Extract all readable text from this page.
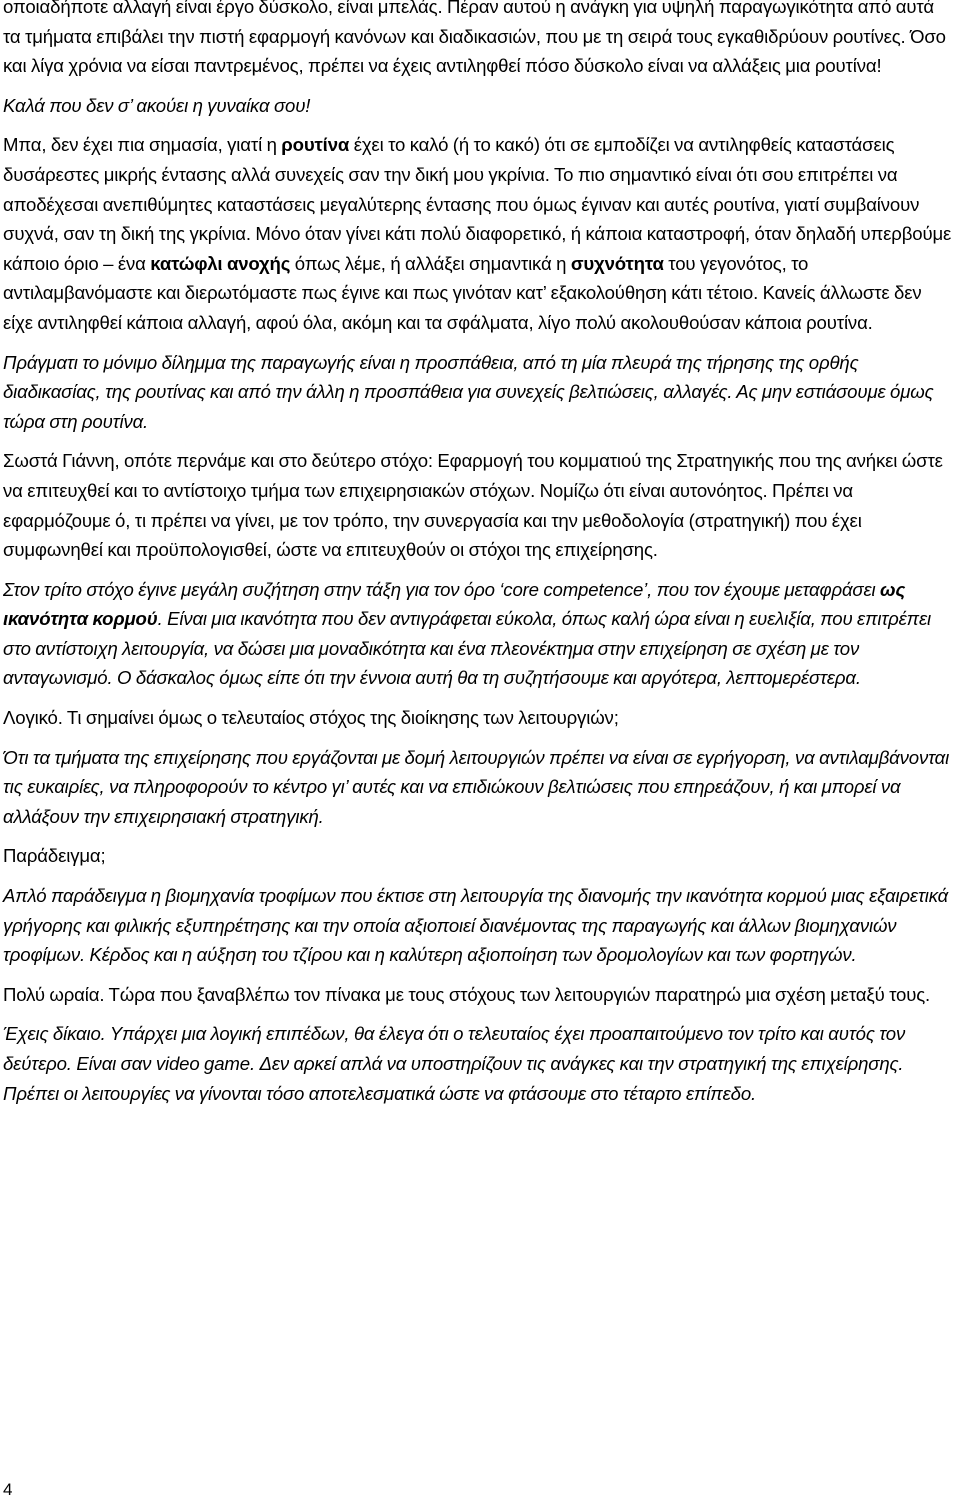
οποιαδήποτε αλλαγή είναι έργο δύσκολο, είναι μπελάς. Πέραν αυτού η ανάγκη για υψηλή παραγωγικότητα από αυτά τα τμήματα επιβάλει την πιστή εφαρμογή κανόνων και διαδικασιών, που με τη σειρά τους εγκαθιδρύουν ρουτίνες. Όσο και λίγα χρόνια να είσαι παντρεμένος, πρέπει να έχεις αντιληφθεί πόσο δύσκολο είναι να αλλάξεις μια ρουτίνα!

Καλά που δεν σ’ ακούει η γυναίκα σου!

Μπα, δεν έχει πια σημασία, γιατί η ρουτίνα έχει το καλό (ή το κακό) ότι σε εμποδίζει να αντιληφθείς καταστάσεις δυσάρεστες μικρής έντασης αλλά συνεχείς σαν την δική μου γκρίνια. Το πιο σημαντικό είναι ότι σου επιτρέπει να αποδέχεσαι ανεπιθύμητες καταστάσεις μεγαλύτερης έντασης που όμως έγιναν και αυτές ρουτίνα, γιατί συμβαίνουν συχνά, σαν τη δική της γκρίνια. Μόνο όταν γίνει κάτι πολύ διαφορετικό, ή κάποια καταστροφή, όταν δηλαδή υπερβούμε κάποιο όριο – ένα κατώφλι ανοχής όπως λέμε, ή αλλάξει σημαντικά η συχνότητα του γεγονότος, το αντιλαμβανόμαστε και διερωτόμαστε πως έγινε και πως γινόταν κατ’ εξακολούθηση κάτι τέτοιο. Κανείς άλλωστε δεν είχε αντιληφθεί κάποια αλλαγή, αφού όλα, ακόμη και τα σφάλματα, λίγο πολύ ακολουθούσαν κάποια ρουτίνα.

Πράγματι το μόνιμο δίλημμα της παραγωγής είναι η προσπάθεια, από τη μία πλευρά της τήρησης της ορθής διαδικασίας, της ρουτίνας και από την άλλη η προσπάθεια για συνεχείς βελτιώσεις, αλλαγές. Ας μην εστιάσουμε όμως τώρα στη ρουτίνα.

Σωστά Γιάννη, οπότε περνάμε και στο δεύτερο στόχο: Εφαρμογή του κομματιού της Στρατηγικής που της ανήκει ώστε να επιτευχθεί και το αντίστοιχο τμήμα των επιχειρησιακών στόχων. Νομίζω ότι είναι αυτονόητος. Πρέπει να εφαρμόζουμε ό, τι πρέπει να γίνει, με τον τρόπο, την συνεργασία και την μεθοδολογία (στρατηγική) που έχει συμφωνηθεί και προϋπολογισθεί, ώστε να επιτευχθούν οι στόχοι της επιχείρησης.

Στον τρίτο στόχο έγινε μεγάλη συζήτηση στην τάξη για τον όρο ‘core competence’, που τον έχουμε μεταφράσει ως ικανότητα κορμού. Είναι μια ικανότητα που δεν αντιγράφεται εύκολα, όπως καλή ώρα είναι η ευελιξία, που επιτρέπει στο αντίστοιχη λειτουργία, να δώσει μια μοναδικότητα και ένα πλεονέκτημα στην επιχείρηση σε σχέση με τον ανταγωνισμό. Ο δάσκαλος όμως είπε ότι την έννοια αυτή θα τη συζητήσουμε και αργότερα, λεπτομερέστερα.

Λογικό. Τι σημαίνει όμως ο τελευταίος στόχος της διοίκησης των λειτουργιών;

Ότι τα τμήματα της επιχείρησης που εργάζονται με δομή λειτουργιών πρέπει να είναι σε εγρήγορση, να αντιλαμβάνονται τις ευκαιρίες, να πληροφορούν το κέντρο γι’ αυτές και να επιδιώκουν βελτιώσεις που επηρεάζουν, ή και μπορεί να αλλάξουν την επιχειρησιακή στρατηγική.

Παράδειγμα;

Απλό παράδειγμα η βιομηχανία τροφίμων που έκτισε στη λειτουργία της διανομής την ικανότητα κορμού μιας εξαιρετικά γρήγορης και φιλικής εξυπηρέτησης και την οποία αξιοποιεί διανέμοντας της παραγωγής και άλλων βιομηχανιών τροφίμων. Κέρδος και η αύξηση του τζίρου και η καλύτερη αξιοποίηση των δρομολογίων και των φορτηγών.

Πολύ ωραία. Τώρα που ξαναβλέπω τον πίνακα με τους στόχους των λειτουργιών παρατηρώ μια σχέση μεταξύ τους.

Έχεις δίκαιο. Υπάρχει μια λογική επιπέδων, θα έλεγα ότι ο τελευταίος έχει προαπαιτούμενο τον τρίτο και αυτός τον δεύτερο. Είναι σαν video game. Δεν αρκεί απλά να υποστηρίζουν τις ανάγκες και την στρατηγική της επιχείρησης. Πρέπει οι λειτουργίες να γίνονται τόσο αποτελεσματικά ώστε να φτάσουμε στο τέταρτο επίπεδο.

4
